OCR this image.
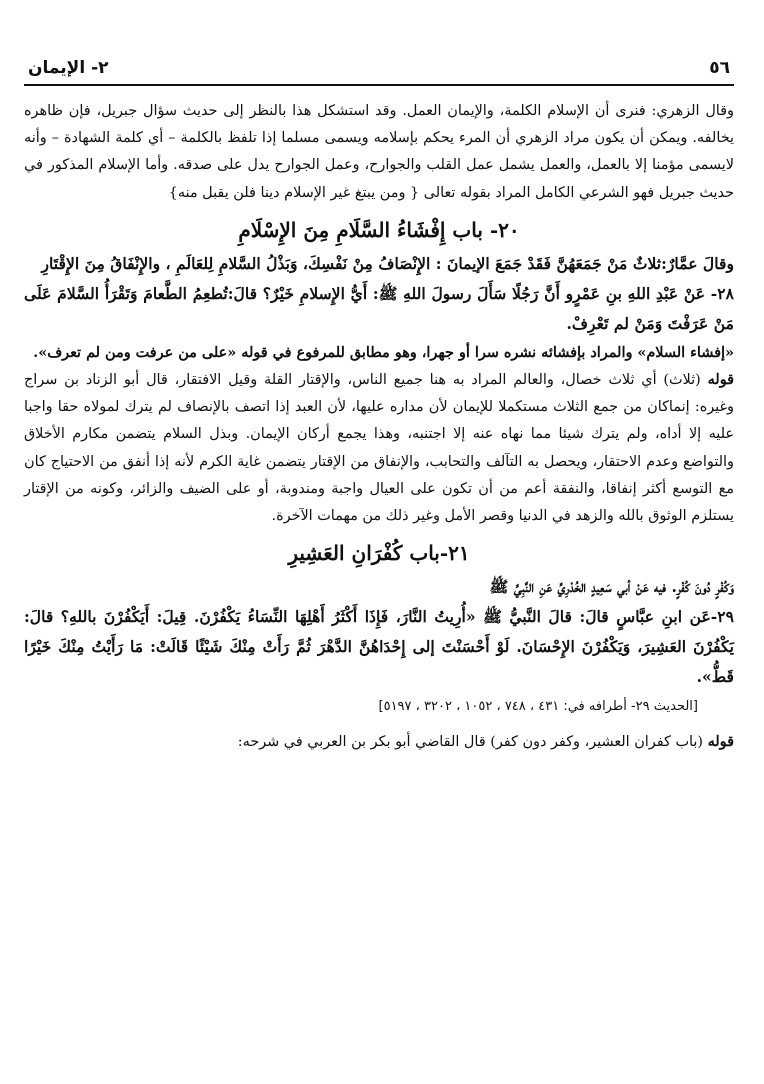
٥٦
٢- الإيمان

وقال الزهري: فنرى أن الإسلام الكلمة، والإيمان العمل. وقد استشكل هذا بالنظر إلى حديث سؤال جبريل، فإن ظاهره يخالفه. ويمكن أن يكون مراد الزهري أن المرء يحكم بإسلامه ويسمى مسلما إذا تلفظ بالكلمة – أي كلمة الشهادة – وأنه لايسمى مؤمنا إلا بالعمل، والعمل يشمل عمل القلب والجوارح، وعمل الجوارح يدل على صدقه. وأما الإسلام المذكور في حديث جبريل فهو الشرعي الكامل المراد بقوله تعالى { ومن يبتغ غير الإسلام دينا فلن يقبل منه}

٢٠- باب إِفْشَاءُ السَّلَامِ مِنَ الإِسْلَامِ

وقالَ عمَّارٌ:ثلاثٌ مَنْ جَمَعَهُنَّ فَقَدْ جَمَعَ الإيمانَ : الإِنْصَافُ مِنْ نَفْسِكَ، وَبَذْلُ السَّلامِ لِلعَالَمِ ، والإِنْفَاقُ مِنَ الإِقْتَارِ

٢٨- عَنْ عَبْدِ اللهِ بنِ عَمْرٍو أَنَّ رَجُلًا سَأَلَ رسولَ اللهِ ﷺ: أَيُّ الإِسلامِ خَيْرٌ؟ قالَ:تُطعِمُ الطَّعامَ وَتَقْرَأُ السَّلامَ عَلَى مَنْ عَرَفْتَ وَمَنْ لم تَعْرِفْ.

«إفشاء السلام» والمراد بإفشائه نشره سرا أو جهرا، وهو مطابق للمرفوع في قوله «على من عرفت ومن لم تعرف».

قوله (ثلاث) أي ثلاث خصال، والعالم المراد به هنا جميع الناس، والإقتار القلة وقيل الافتقار، قال أبو الزناد بن سراج وغيره: إنماكان من جمع الثلاث مستكملا للإيمان لأن مداره عليها، لأن العبد إذا اتصف بالإنصاف لم يترك لمولاه حقا واجبا عليه إلا أداه، ولم يترك شيئا مما نهاه عنه إلا اجتنبه، وهذا يجمع أركان الإيمان. وبذل السلام يتضمن مكارم الأخلاق والتواضع وعدم الاحتقار، ويحصل به التآلف والتحابب، والإنفاق من الإقتار يتضمن غاية الكرم لأنه إذا أنفق من الاحتياج كان مع التوسع أكثر إنفاقا، والنفقة أعم من أن تكون على العيال واجبة ومندوبة، أو على الضيف والزائر، وكونه من الإقتار يستلزم الوثوق بالله والزهد في الدنيا وقصر الأمل وغير ذلك من مهمات الآخرة.

٢١-باب كُفْرَانِ العَشِيرِ

وَكُفْرٍ دُونَ كُفْرٍ. فيه عَنْ أبي سَعِيدٍ الخُدْرِيِّ عَنِ النَّبِيِّ ﷺ

٢٩-عَن ابنِ عبَّاسٍ قالَ: قالَ النَّبيُّ ﷺ «أُرِيتُ النَّارَ، فَإِذَا أَكْثَرُ أَهْلِهَا النِّسَاءُ يَكْفُرْنَ. قِيلَ: أَيَكْفُرْنَ باللهِ؟ قالَ: يَكْفُرْنَ العَشِيرَ، وَيَكْفُرْنَ الإِحْسَانَ. لَوْ أَحْسَنْتَ إلى إِحْدَاهُنَّ الدَّهْرَ ثُمَّ رَأَتْ مِنْكَ شَيْئًا قَالَتْ: مَا رَأَيْتُ مِنْكَ خَيْرًا قَطُّ».

[الحديث ٢٩- أطرافه في: ٤٣١ ، ٧٤٨ ، ١٠٥٢ ، ٣٢٠٢ ، ٥١٩٧]

قوله (باب كفران العشير، وكفر دون كفر) قال القاضي أبو بكر بن العربي في شرحه:
